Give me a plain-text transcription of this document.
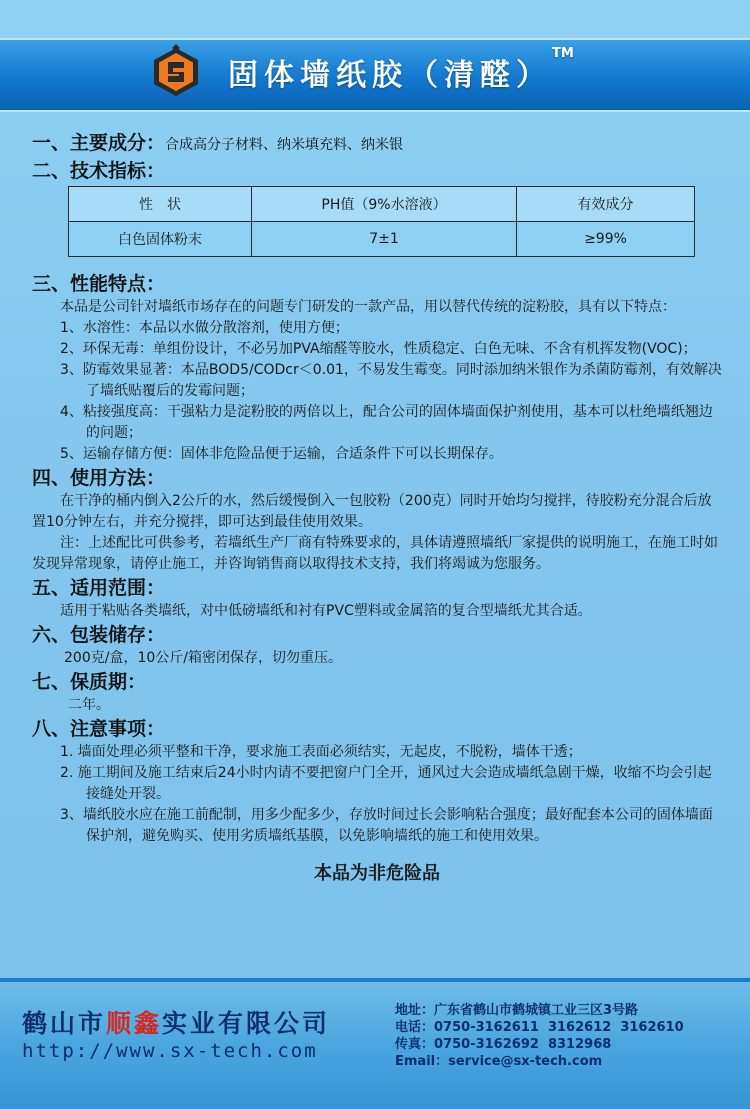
固体墙纸胶（清醛）™

一、主要成分：合成高分子材料、纳米填充料、纳米银

二、技术指标：

性　状	PH值（9%水溶液）	有效成分
白色固体粉末	7±1	≥99%

三、性能特点：

本品是公司针对墙纸市场存在的问题专门研发的一款产品，用以替代传统的淀粉胶，具有以下特点：

1、水溶性：本品以水做分散溶剂，使用方便；

2、环保无毒：单组份设计，不必另加PVA缩醛等胶水，性质稳定、白色无味、不含有机挥发物(VOC)；

3、防霉效果显著：本品BOD5/CODcr＜0.01，不易发生霉变。同时添加纳米银作为杀菌防霉剂，有效解决了墙纸贴覆后的发霉问题；

4、粘接强度高：干强粘力是淀粉胶的两倍以上，配合公司的固体墙面保护剂使用，基本可以杜绝墙纸翘边的问题；

5、运输存储方便：固体非危险品便于运输，合适条件下可以长期保存。

四、使用方法：

在干净的桶内倒入2公斤的水，然后缓慢倒入一包胶粉（200克）同时开始均匀搅拌，待胶粉充分混合后放置10分钟左右，并充分搅拌，即可达到最佳使用效果。

注：上述配比可供参考，若墙纸生产厂商有特殊要求的，具体请遵照墙纸厂家提供的说明施工，在施工时如发现异常现象，请停止施工，并咨询销售商以取得技术支持，我们将竭诚为您服务。

五、适用范围：

适用于粘贴各类墙纸，对中低磅墙纸和衬有PVC塑料或金属箔的复合型墙纸尤其合适。

六、包装储存：

200克/盒，10公斤/箱密闭保存，切勿重压。

七、保质期：

二年。

八、注意事项：

1. 墙面处理必须平整和干净，要求施工表面必须结实，无起皮，不脱粉，墙体干透；

2. 施工期间及施工结束后24小时内请不要把窗户门全开，通风过大会造成墙纸急剧干燥，收缩不均会引起接缝处开裂。

3、墙纸胶水应在施工前配制，用多少配多少，存放时间过长会影响粘合强度；最好配套本公司的固体墙面保护剂，避免购买、使用劣质墙纸基膜，以免影响墙纸的施工和使用效果。

本品为非危险品
鹤山市顺鑫实业有限公司
http://www.sx-tech.com
地址：广东省鹤山市鹤城镇工业三区3号路
电话：0750-3162611  3162612  3162610
传真：0750-3162692  8312968
Email：service@sx-tech.com
